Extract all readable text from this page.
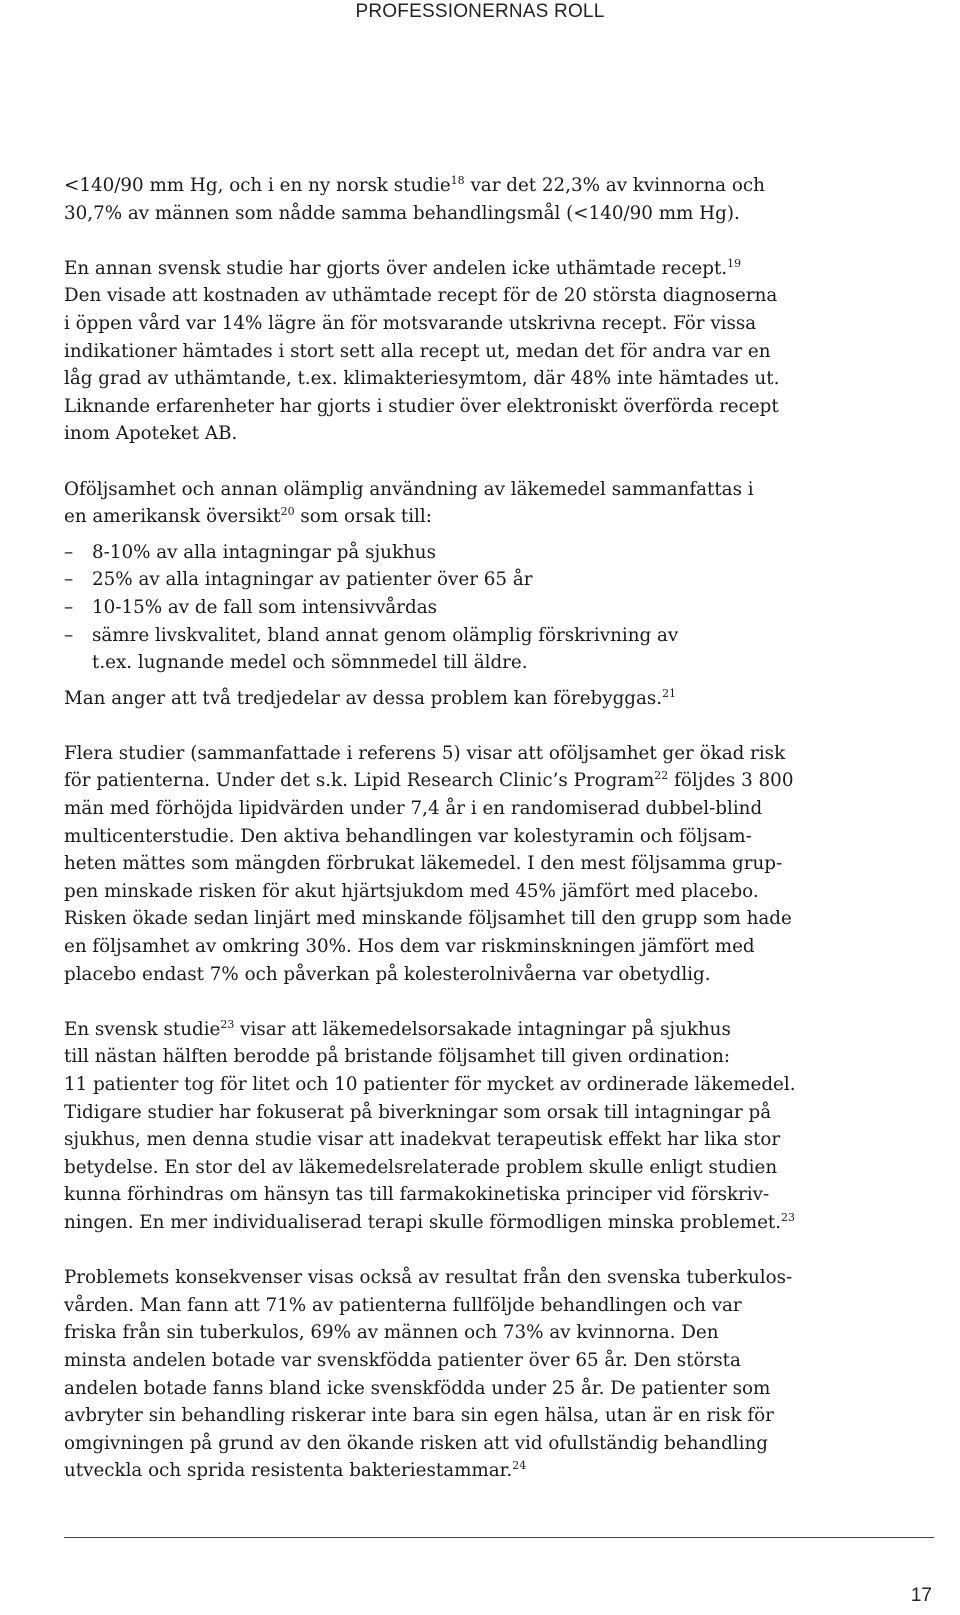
PROFESSIONERNAS ROLL
<140/90 mm Hg, och i en ny norsk studie$^{18}$ var det 22,3% av kvinnorna och
30,7% av männen som nådde samma behandlingsmål (<140/90 mm Hg).
En annan svensk studie har gjorts över andelen icke uthämtade recept.$^{19}$
Den visade att kostnaden av uthämtade recept för de 20 största diagnoserna
i öppen vård var 14% lägre än för motsvarande utskrivna recept. För vissa
indikationer hämtades i stort sett alla recept ut, medan det för andra var en
låg grad av uthämtande, t.ex. klimakteriesymtom, där 48% inte hämtades ut.
Liknande erfarenheter har gjorts i studier över elektroniskt överförda recept
inom Apoteket AB.
Oföljsamhet och annan olämplig användning av läkemedel sammanfattas i
en amerikansk översikt$^{20}$ som orsak till:
– 8-10% av alla intagningar på sjukhus
– 25% av alla intagningar av patienter över 65 år
– 10-15% av de fall som intensivvårdas
– sämre livskvalitet, bland annat genom olämplig förskrivning av
t.ex. lugnande medel och sömnmedel till äldre.
Man anger att två tredjedelar av dessa problem kan förebyggas.$^{21}$
Flera studier (sammanfattade i referens 5) visar att oföljsamhet ger ökad risk
för patienterna. Under det s.k. Lipid Research Clinic’s Program$^{22}$ följdes 3 800
män med förhöjda lipidvärden under 7,4 år i en randomiserad dubbel-blind
multicenterstudie. Den aktiva behandlingen var kolestyramin och följsam-
heten mättes som mängden förbrukat läkemedel. I den mest följsamma grup-
pen minskade risken för akut hjärtsjukdom med 45% jämfört med placebo.
Risken ökade sedan linjärt med minskande följsamhet till den grupp som hade
en följsamhet av omkring 30%. Hos dem var riskminskningen jämfört med
placebo endast 7% och påverkan på kolesterolnivåerna var obetydlig.
En svensk studie$^{23}$ visar att läkemedelsorsakade intagningar på sjukhus
till nästan hälften berodde på bristande följsamhet till given ordination:
11 patienter tog för litet och 10 patienter för mycket av ordinerade läkemedel.
Tidigare studier har fokuserat på biverkningar som orsak till intagningar på
sjukhus, men denna studie visar att inadekvat terapeutisk effekt har lika stor
betydelse. En stor del av läkemedelsrelaterade problem skulle enligt studien
kunna förhindras om hänsyn tas till farmakokinetiska principer vid förskriv-
ningen. En mer individualiserad terapi skulle förmodligen minska problemet.$^{23}$
Problemets konsekvenser visas också av resultat från den svenska tuberkulos-
vården. Man fann att 71% av patienterna fullföljde behandlingen och var
friska från sin tuberkulos, 69% av männen och 73% av kvinnorna. Den
minsta andelen botade var svenskfödda patienter över 65 år. Den största
andelen botade fanns bland icke svenskfödda under 25 år. De patienter som
avbryter sin behandling riskerar inte bara sin egen hälsa, utan är en risk för
omgivningen på grund av den ökande risken att vid ofullständig behandling
utveckla och sprida resistenta bakteriestammar.$^{24}$
17
